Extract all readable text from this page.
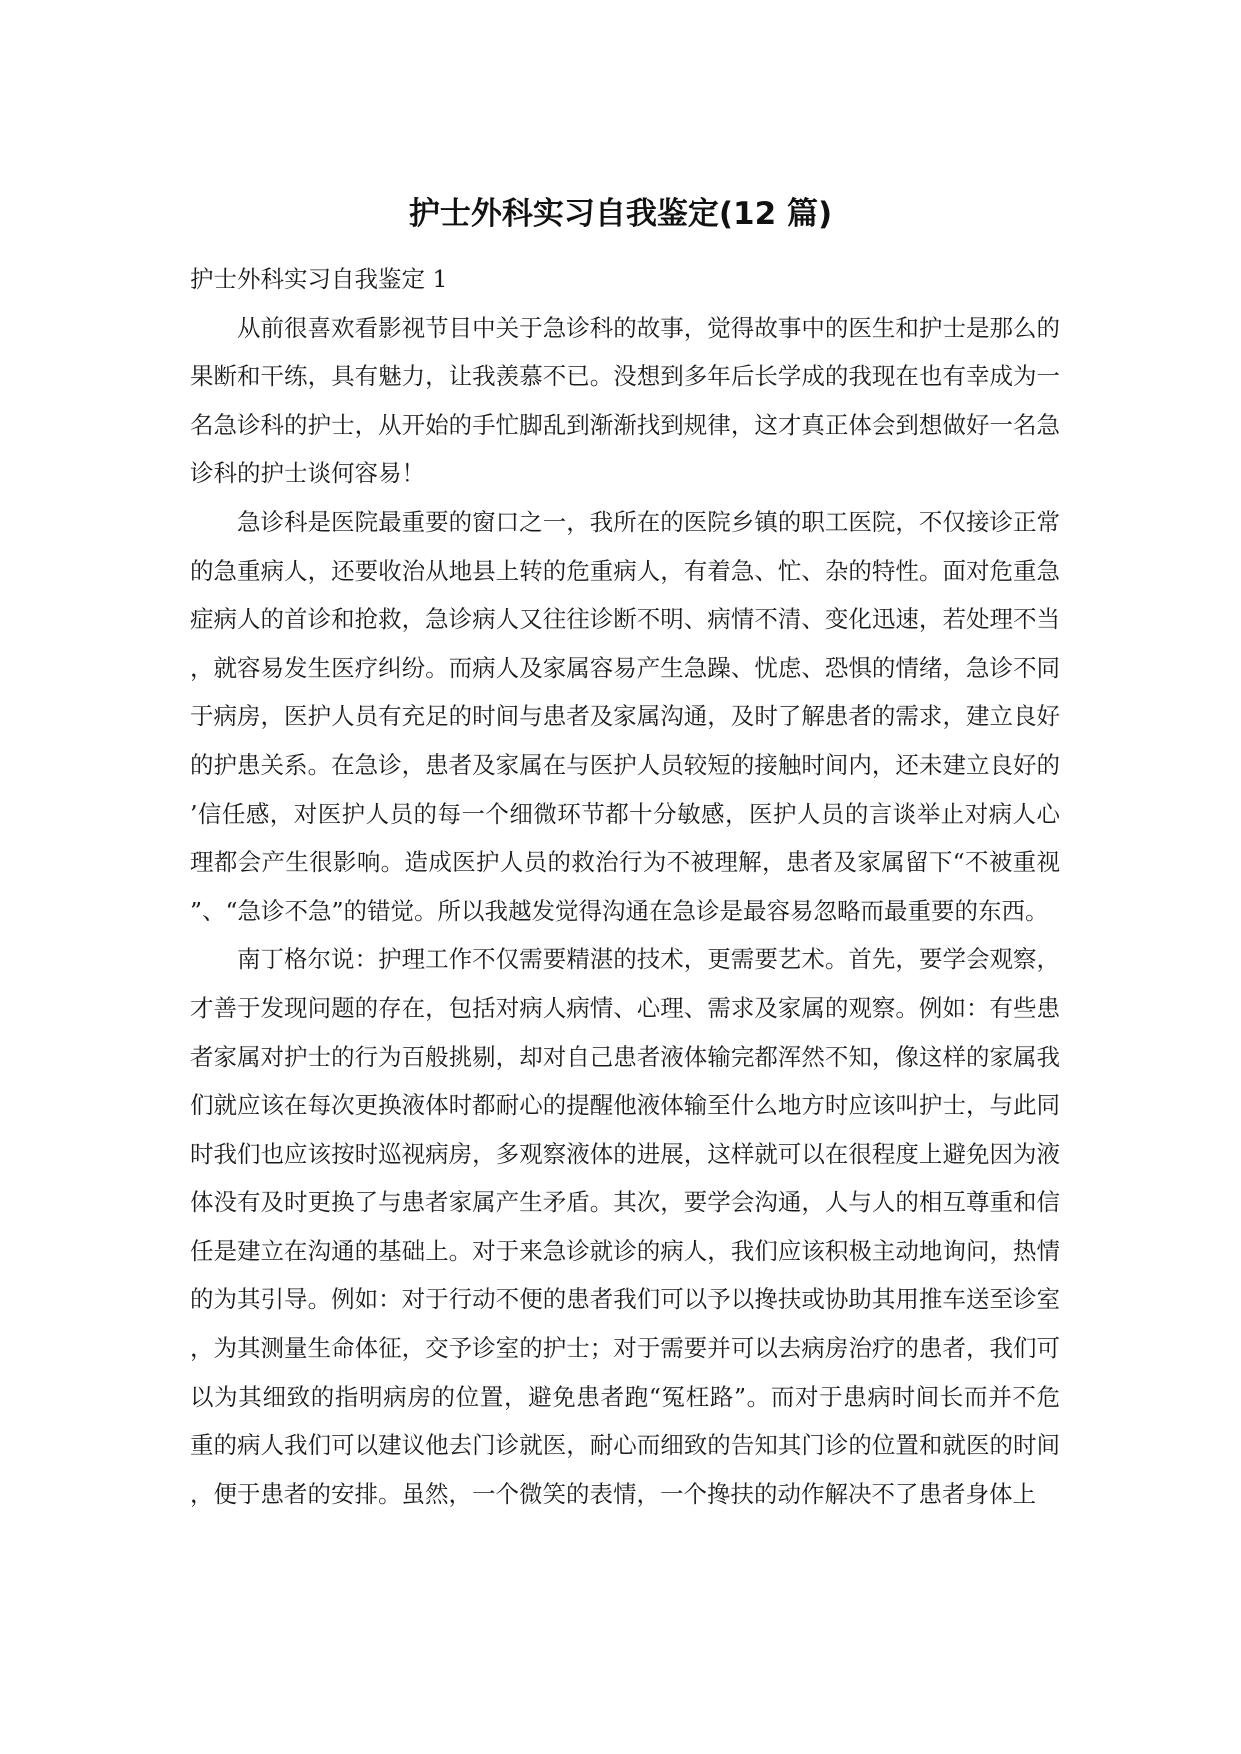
护士外科实习自我鉴定(12 篇)

护士外科实习自我鉴定 1

从前很喜欢看影视节目中关于急诊科的故事，觉得故事中的医生和护士是那么的果断和干练，具有魅力，让我羡慕不已。没想到多年后长学成的我现在也有幸成为一名急诊科的护士，从开始的手忙脚乱到渐渐找到规律，这才真正体会到想做好一名急诊科的护士谈何容易！

急诊科是医院最重要的窗口之一，我所在的医院乡镇的职工医院，不仅接诊正常的急重病人，还要收治从地县上转的危重病人，有着急、忙、杂的特性。面对危重急症病人的首诊和抢救，急诊病人又往往诊断不明、病情不清、变化迅速，若处理不当，就容易发生医疗纠纷。而病人及家属容易产生急躁、忧虑、恐惧的情绪，急诊不同于病房，医护人员有充足的时间与患者及家属沟通，及时了解患者的需求，建立良好的护患关系。在急诊，患者及家属在与医护人员较短的接触时间内，还未建立良好的’信任感，对医护人员的每一个细微环节都十分敏感，医护人员的言谈举止对病人心理都会产生很影响。造成医护人员的救治行为不被理解，患者及家属留下“不被重视”、“急诊不急”的错觉。所以我越发觉得沟通在急诊是最容易忽略而最重要的东西。

南丁格尔说：护理工作不仅需要精湛的技术，更需要艺术。首先，要学会观察，才善于发现问题的存在，包括对病人病情、心理、需求及家属的观察。例如：有些患者家属对护士的行为百般挑剔，却对自己患者液体输完都浑然不知，像这样的家属我们就应该在每次更换液体时都耐心的提醒他液体输至什么地方时应该叫护士，与此同时我们也应该按时巡视病房，多观察液体的进展，这样就可以在很程度上避免因为液体没有及时更换了与患者家属产生矛盾。其次，要学会沟通，人与人的相互尊重和信任是建立在沟通的基础上。对于来急诊就诊的病人，我们应该积极主动地询问，热情的为其引导。例如：对于行动不便的患者我们可以予以搀扶或协助其用推车送至诊室，为其测量生命体征，交予诊室的护士；对于需要并可以去病房治疗的患者，我们可以为其细致的指明病房的位置，避免患者跑“冤枉路”。而对于患病时间长而并不危重的病人我们可以建议他去门诊就医，耐心而细致的告知其门诊的位置和就医的时间，便于患者的安排。虽然，一个微笑的表情，一个搀扶的动作解决不了患者身体上
